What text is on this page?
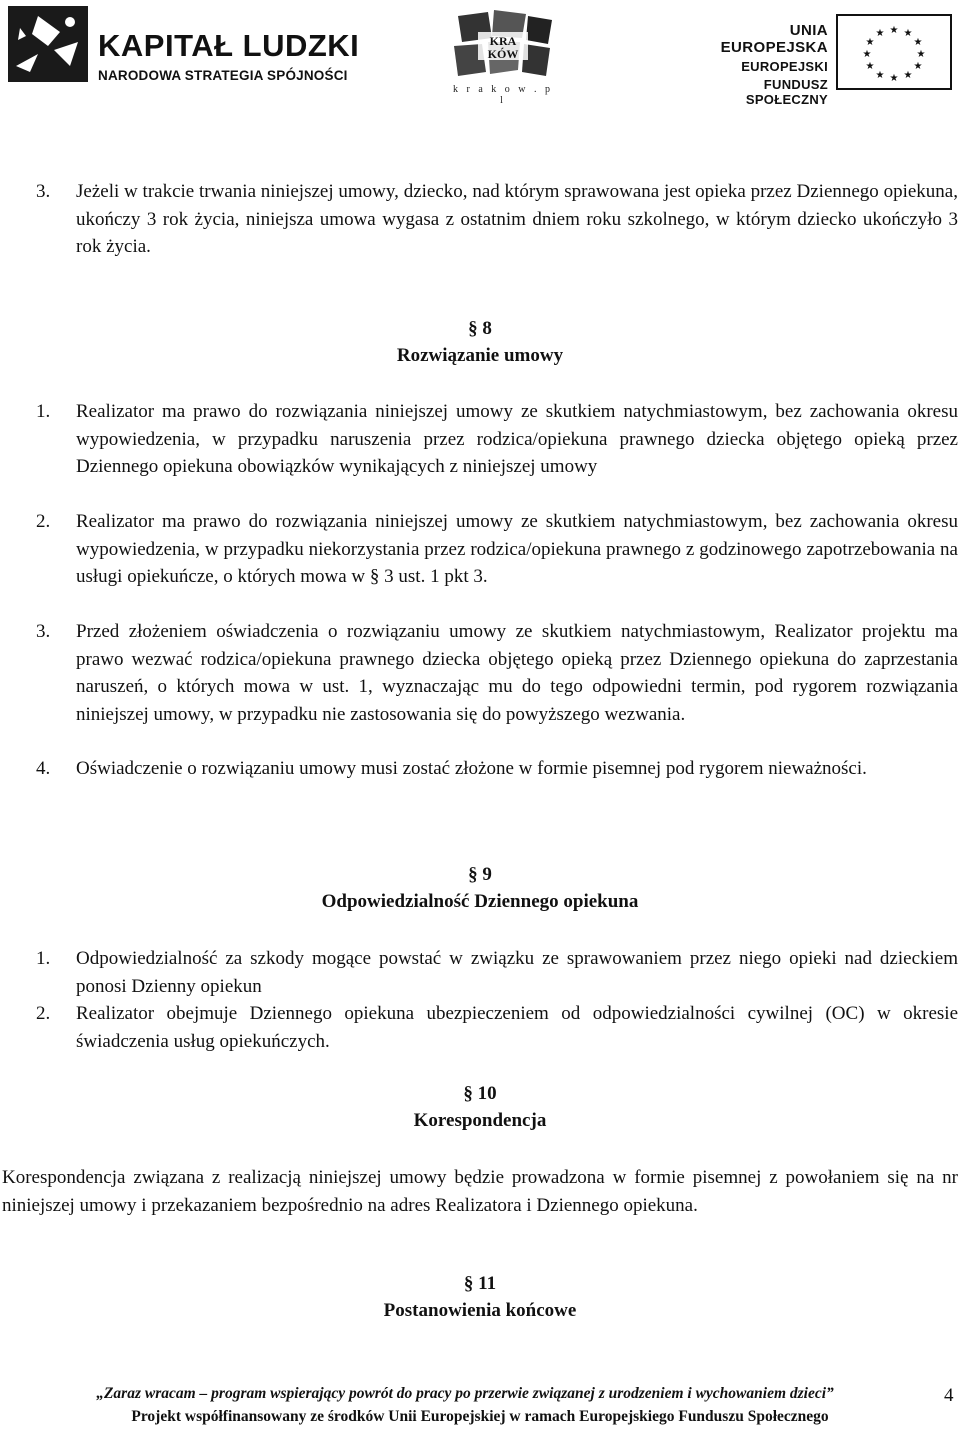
KAPITAŁ LUDZKI
NARODOWA STRATEGIA SPÓJNOŚCI
KRA
KÓW
k r a k o w . p l
UNIA EUROPEJSKA
EUROPEJSKI
FUNDUSZ SPOŁECZNY
★ ★
★
★
★
★
★
★
★
★
★
★
3. Jeżeli w trakcie trwania niniejszej umowy, dziecko, nad którym sprawowana jest opieka przez Dziennego opiekuna, ukończy 3 rok życia, niniejsza umowa wygasa z ostatnim dniem roku szkolnego, w którym dziecko ukończyło 3 rok życia.
§ 8
Rozwiązanie umowy
1. Realizator ma prawo do rozwiązania niniejszej umowy ze skutkiem natychmiastowym, bez zachowania okresu wypowiedzenia, w przypadku naruszenia przez rodzica/opiekuna prawnego dziecka objętego opieką przez Dziennego opiekuna obowiązków wynikających z niniejszej umowy
2. Realizator ma prawo do rozwiązania niniejszej umowy ze skutkiem natychmiastowym, bez zachowania okresu wypowiedzenia, w przypadku niekorzystania przez rodzica/opiekuna prawnego z godzinowego zapotrzebowania na usługi opiekuńcze, o których mowa w § 3 ust. 1 pkt 3.
3. Przed złożeniem oświadczenia o rozwiązaniu umowy ze skutkiem natychmiastowym, Realizator projektu ma prawo wezwać rodzica/opiekuna prawnego dziecka objętego opieką przez Dziennego opiekuna do zaprzestania naruszeń, o których mowa w ust. 1, wyznaczając mu do tego odpowiedni termin, pod rygorem rozwiązania niniejszej umowy, w przypadku nie zastosowania się do powyższego wezwania.
4. Oświadczenie o rozwiązaniu umowy musi zostać złożone w formie pisemnej pod rygorem nieważności.
§ 9
Odpowiedzialność Dziennego opiekuna
1. Odpowiedzialność za szkody mogące powstać w związku ze sprawowaniem przez niego opieki nad dzieckiem ponosi Dzienny opiekun
2. Realizator obejmuje Dziennego opiekuna ubezpieczeniem od odpowiedzialności cywilnej (OC) w okresie świadczenia usług opiekuńczych.
§ 10
Korespondencja

Korespondencja związana z realizacją niniejszej umowy będzie prowadzona w formie pisemnej z powołaniem się na nr niniejszej umowy i przekazaniem bezpośrednio na adres Realizatora i Dziennego opiekuna.

§ 11
Postanowienia końcowe
„Zaraz wracam – program wspierający powrót do pracy po przerwie związanej z urodzeniem i wychowaniem dzieci”	4
Projekt współfinansowany ze środków Unii Europejskiej w ramach Europejskiego Funduszu Społecznego
